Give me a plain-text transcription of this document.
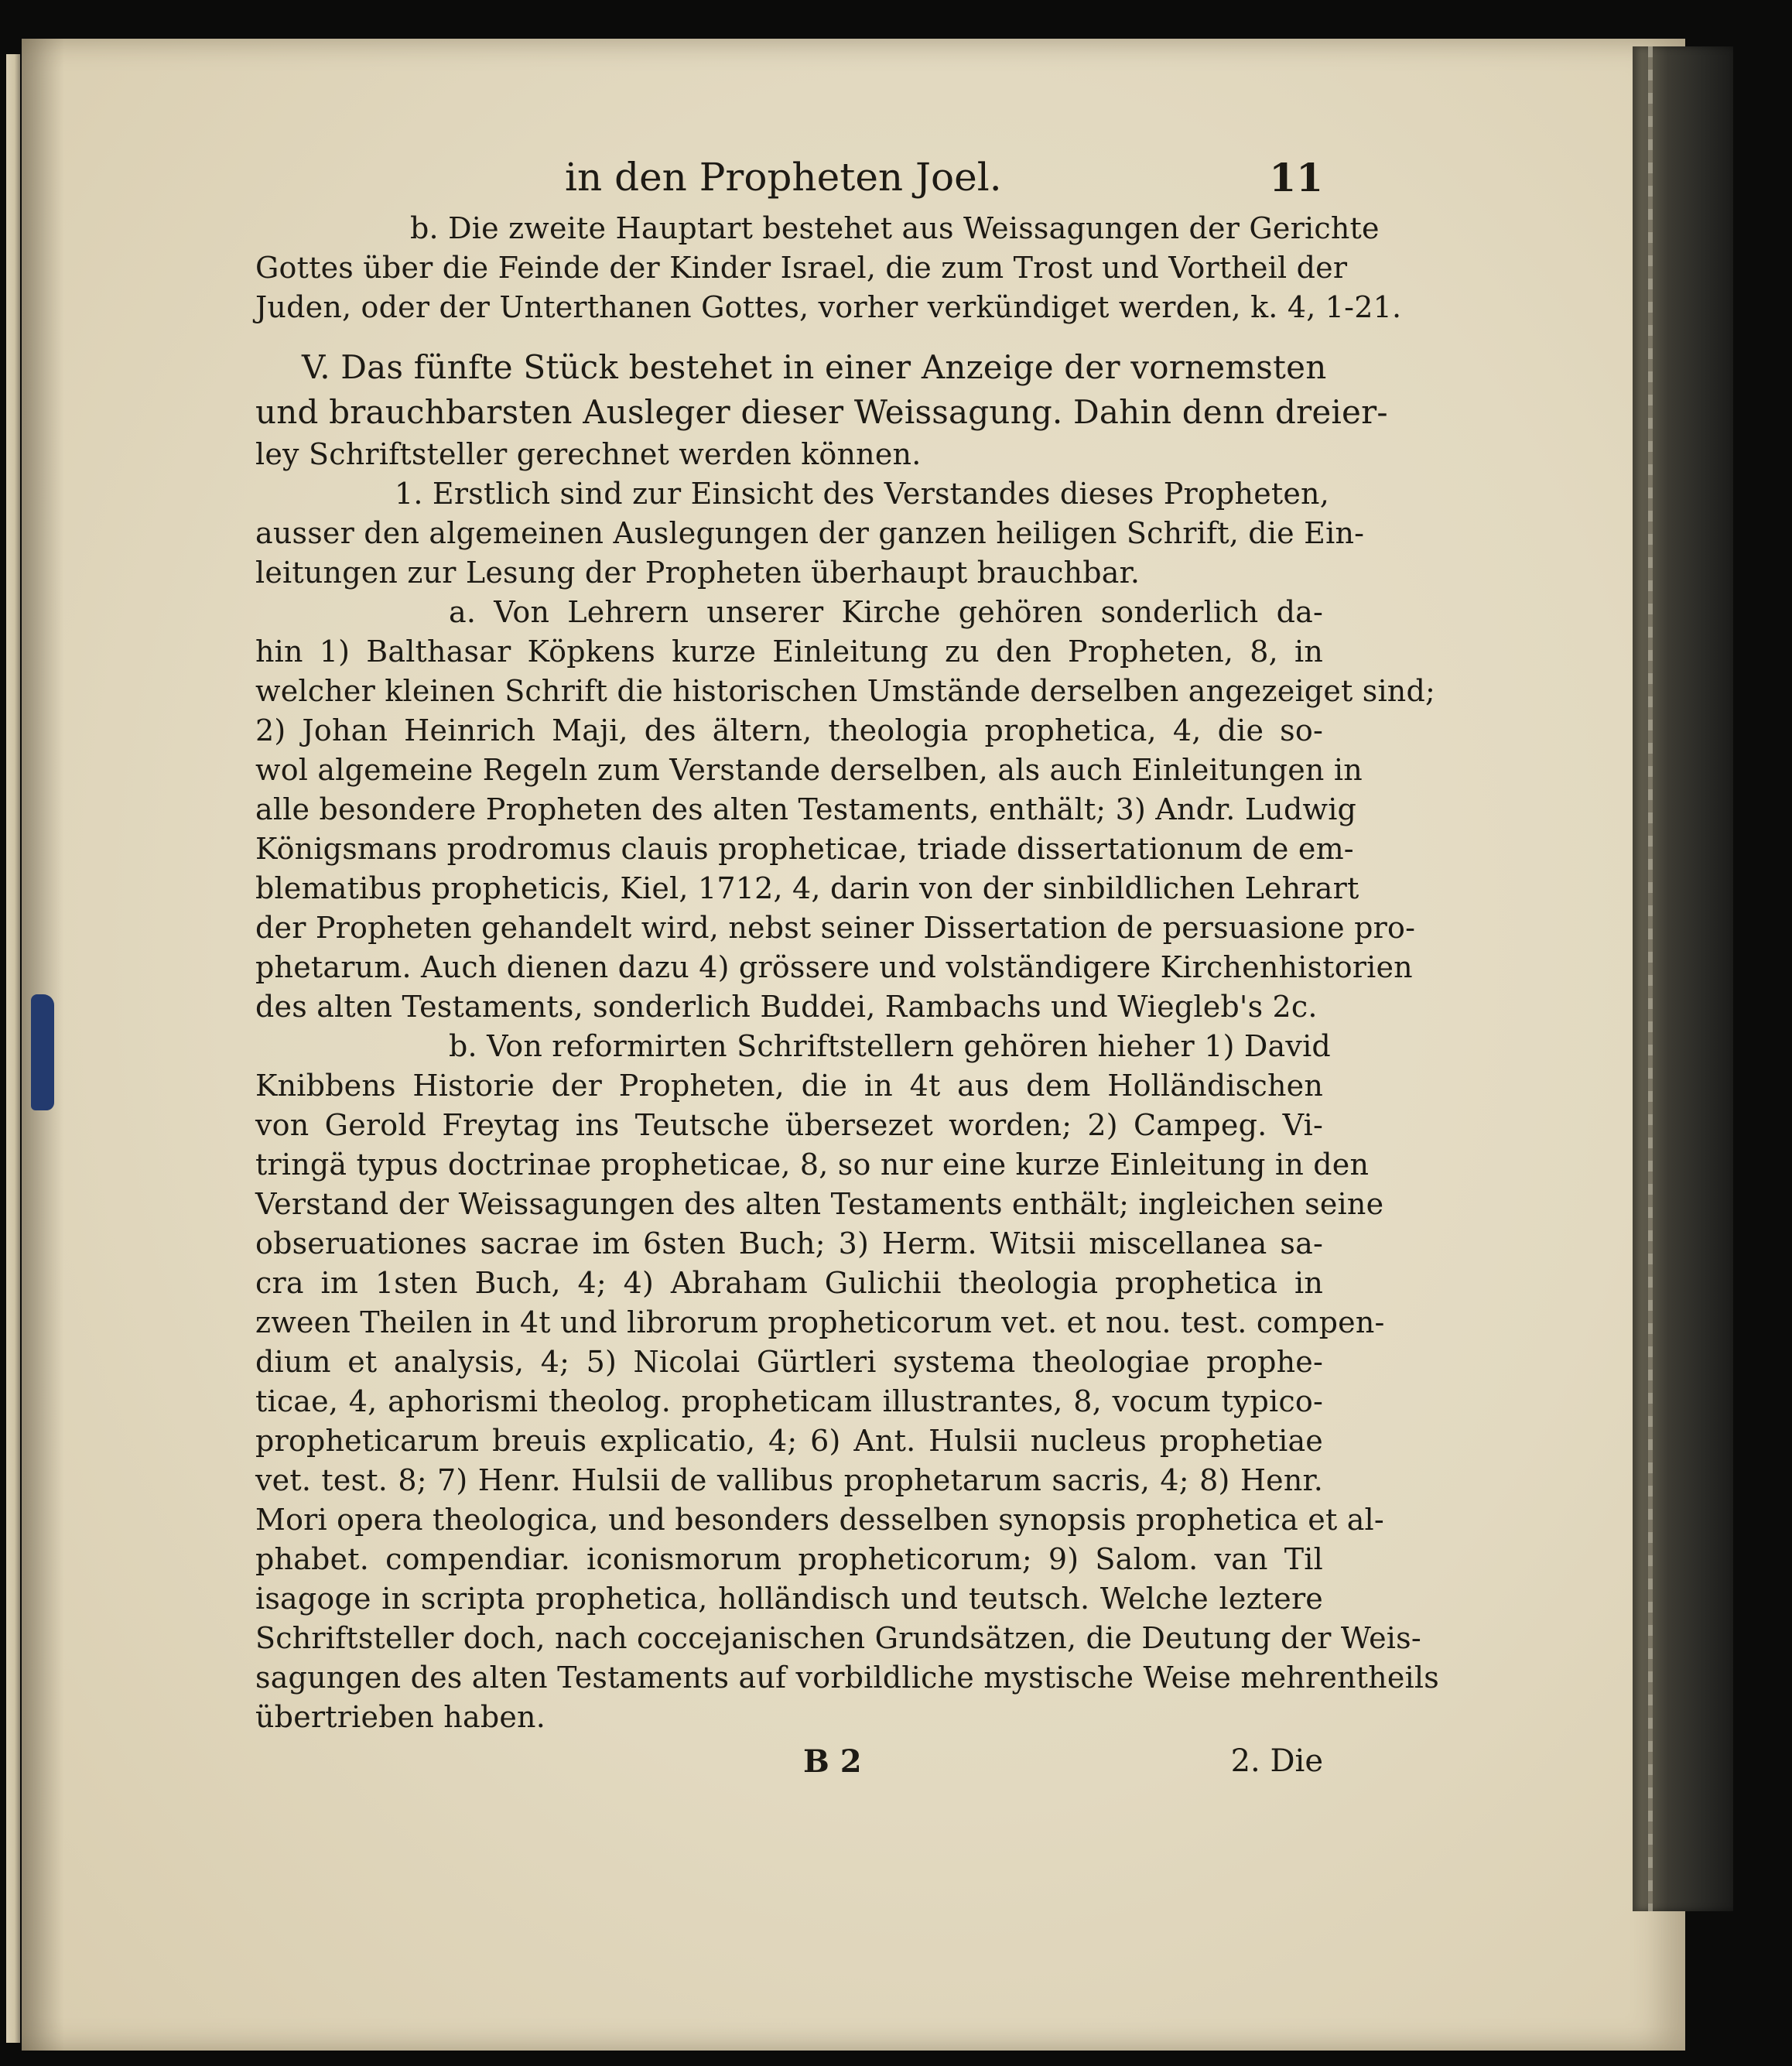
in den Propheten Joel.	11

b. Die zweite Hauptart bestehet aus Weissagungen der Gerichte

Gottes über die Feinde der Kinder Israel, die zum Trost und Vortheil der

Juden, oder der Unterthanen Gottes, vorher verkündiget werden, k. 4, 1-21.

V. Das fünfte Stück bestehet in einer Anzeige der vornemsten

und brauchbarsten Ausleger dieser Weissagung. Dahin denn dreier-

ley Schriftsteller gerechnet werden können.

1. Erstlich sind zur Einsicht des Verstandes dieses Propheten,

ausser den algemeinen Auslegungen der ganzen heiligen Schrift, die Ein-

leitungen zur Lesung der Propheten überhaupt brauchbar.

a. Von Lehrern unserer Kirche gehören sonderlich da-

hin 1) Balthasar Köpkens kurze Einleitung zu den Propheten, 8, in

welcher kleinen Schrift die historischen Umstände derselben angezeiget sind;

2) Johan Heinrich Maji, des ältern, theologia prophetica, 4, die so-

wol algemeine Regeln zum Verstande derselben, als auch Einleitungen in

alle besondere Propheten des alten Testaments, enthält; 3) Andr. Ludwig

Königsmans prodromus clauis propheticae, triade dissertationum de em-

blematibus propheticis, Kiel, 1712, 4, darin von der sinbildlichen Lehrart

der Propheten gehandelt wird, nebst seiner Dissertation de persuasione pro-

phetarum. Auch dienen dazu 4) grössere und volständigere Kirchenhistorien

des alten Testaments, sonderlich Buddei, Rambachs und Wiegleb's 2c.

b. Von reformirten Schriftstellern gehören hieher 1) David

Knibbens Historie der Propheten, die in 4t aus dem Holländischen

von Gerold Freytag ins Teutsche übersezet worden; 2) Campeg. Vi-

tringä typus doctrinae propheticae, 8, so nur eine kurze Einleitung in den

Verstand der Weissagungen des alten Testaments enthält; ingleichen seine

obseruationes sacrae im 6sten Buch; 3) Herm. Witsii miscellanea sa-

cra im 1sten Buch, 4; 4) Abraham Gulichii theologia prophetica in

zween Theilen in 4t und librorum propheticorum vet. et nou. test. compen-

dium et analysis, 4; 5) Nicolai Gürtleri systema theologiae prophe-

ticae, 4, aphorismi theolog. propheticam illustrantes, 8, vocum typico-

propheticarum breuis explicatio, 4; 6) Ant. Hulsii nucleus prophetiae

vet. test. 8; 7) Henr. Hulsii de vallibus prophetarum sacris, 4; 8) Henr.

Mori opera theologica, und besonders desselben synopsis prophetica et al-

phabet. compendiar. iconismorum propheticorum; 9) Salom. van Til

isagoge in scripta prophetica, holländisch und teutsch. Welche leztere

Schriftsteller doch, nach coccejanischen Grundsätzen, die Deutung der Weis-

sagungen des alten Testaments auf vorbildliche mystische Weise mehrentheils

übertrieben haben.

B 2	2. Die
